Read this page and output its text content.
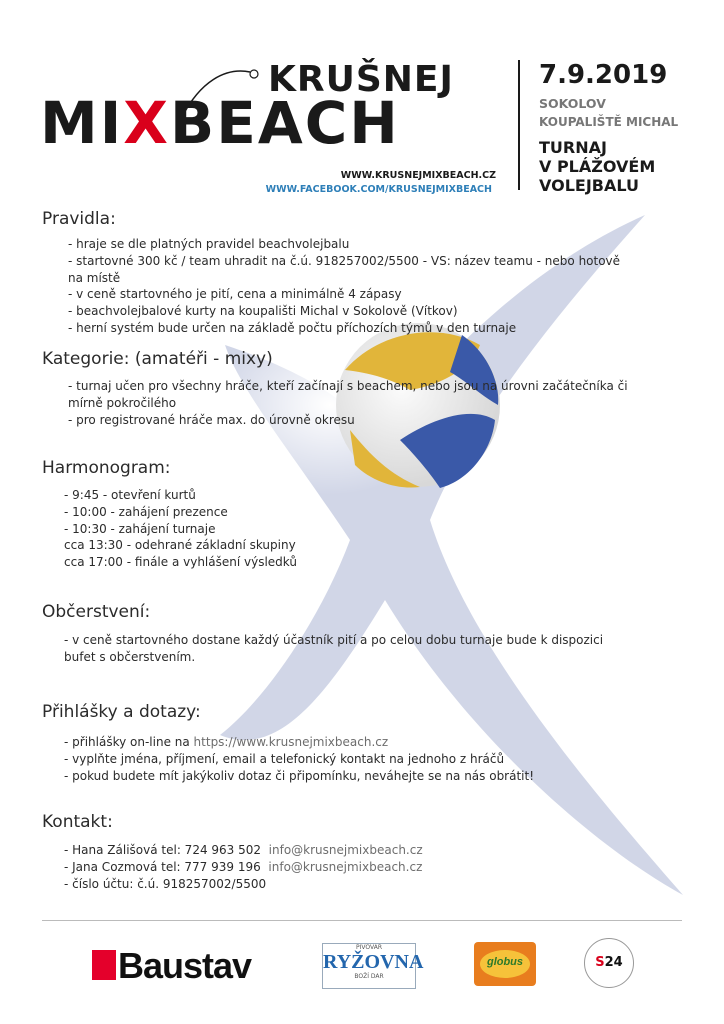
KRUŠNEJ
MIXBEACH
WWW.KRUSNEJMIXBEACH.CZ
WWW.FACEBOOK.COM/KRUSNEJMIXBEACH
7.9.2019
SOKOLOV
KOUPALIŠTĚ MICHAL
TURNAJ
V PLÁŽOVÉM
VOLEJBALU
Pravidla:
- hraje se dle platných pravidel beachvolejbalu
- startovné 300 kč / team uhradit na č.ú. 918257002/5500 - VS: název teamu - nebo hotově
na místě
- v ceně startovného je pití, cena a minimálně 4 zápasy
- beachvolejbalové kurty na koupališti Michal v Sokolově (Vítkov)
- herní systém bude určen na základě počtu příchozích týmů v den turnaje
Kategorie: (amatéři - mixy)
- turnaj učen pro všechny hráče, kteří začínají s beachem, nebo jsou na úrovni začátečníka či
mírně pokročilého
- pro registrované hráče max. do úrovně okresu
Harmonogram:
- 9:45 - otevření kurtů
- 10:00 - zahájení prezence
- 10:30 - zahájení turnaje
cca 13:30 - odehrané základní skupiny
cca 17:00 - finále a vyhlášení výsledků
Občerstvení:
- v ceně startovného dostane každý účastník pití a po celou dobu turnaje bude k dispozici
bufet s občerstvením.
Přihlášky a dotazy:
- přihlášky on-line na https://www.krusnejmixbeach.cz
- vyplňte jména, příjmení, email a telefonický kontakt na jednoho z hráčů
- pokud budete mít jakýkoliv dotaz či připomínku, neváhejte se na nás obrátit!
Kontakt:
- Hana Zálišová tel: 724 963 502 info@krusnejmixbeach.cz
- Jana Cozmová tel: 777 939 196 info@krusnejmixbeach.cz
- číslo účtu: č.ú. 918257002/5500
Baustav	PIVOVAR
RYŽOVNA
BOŽÍ DAR
globus	S24
